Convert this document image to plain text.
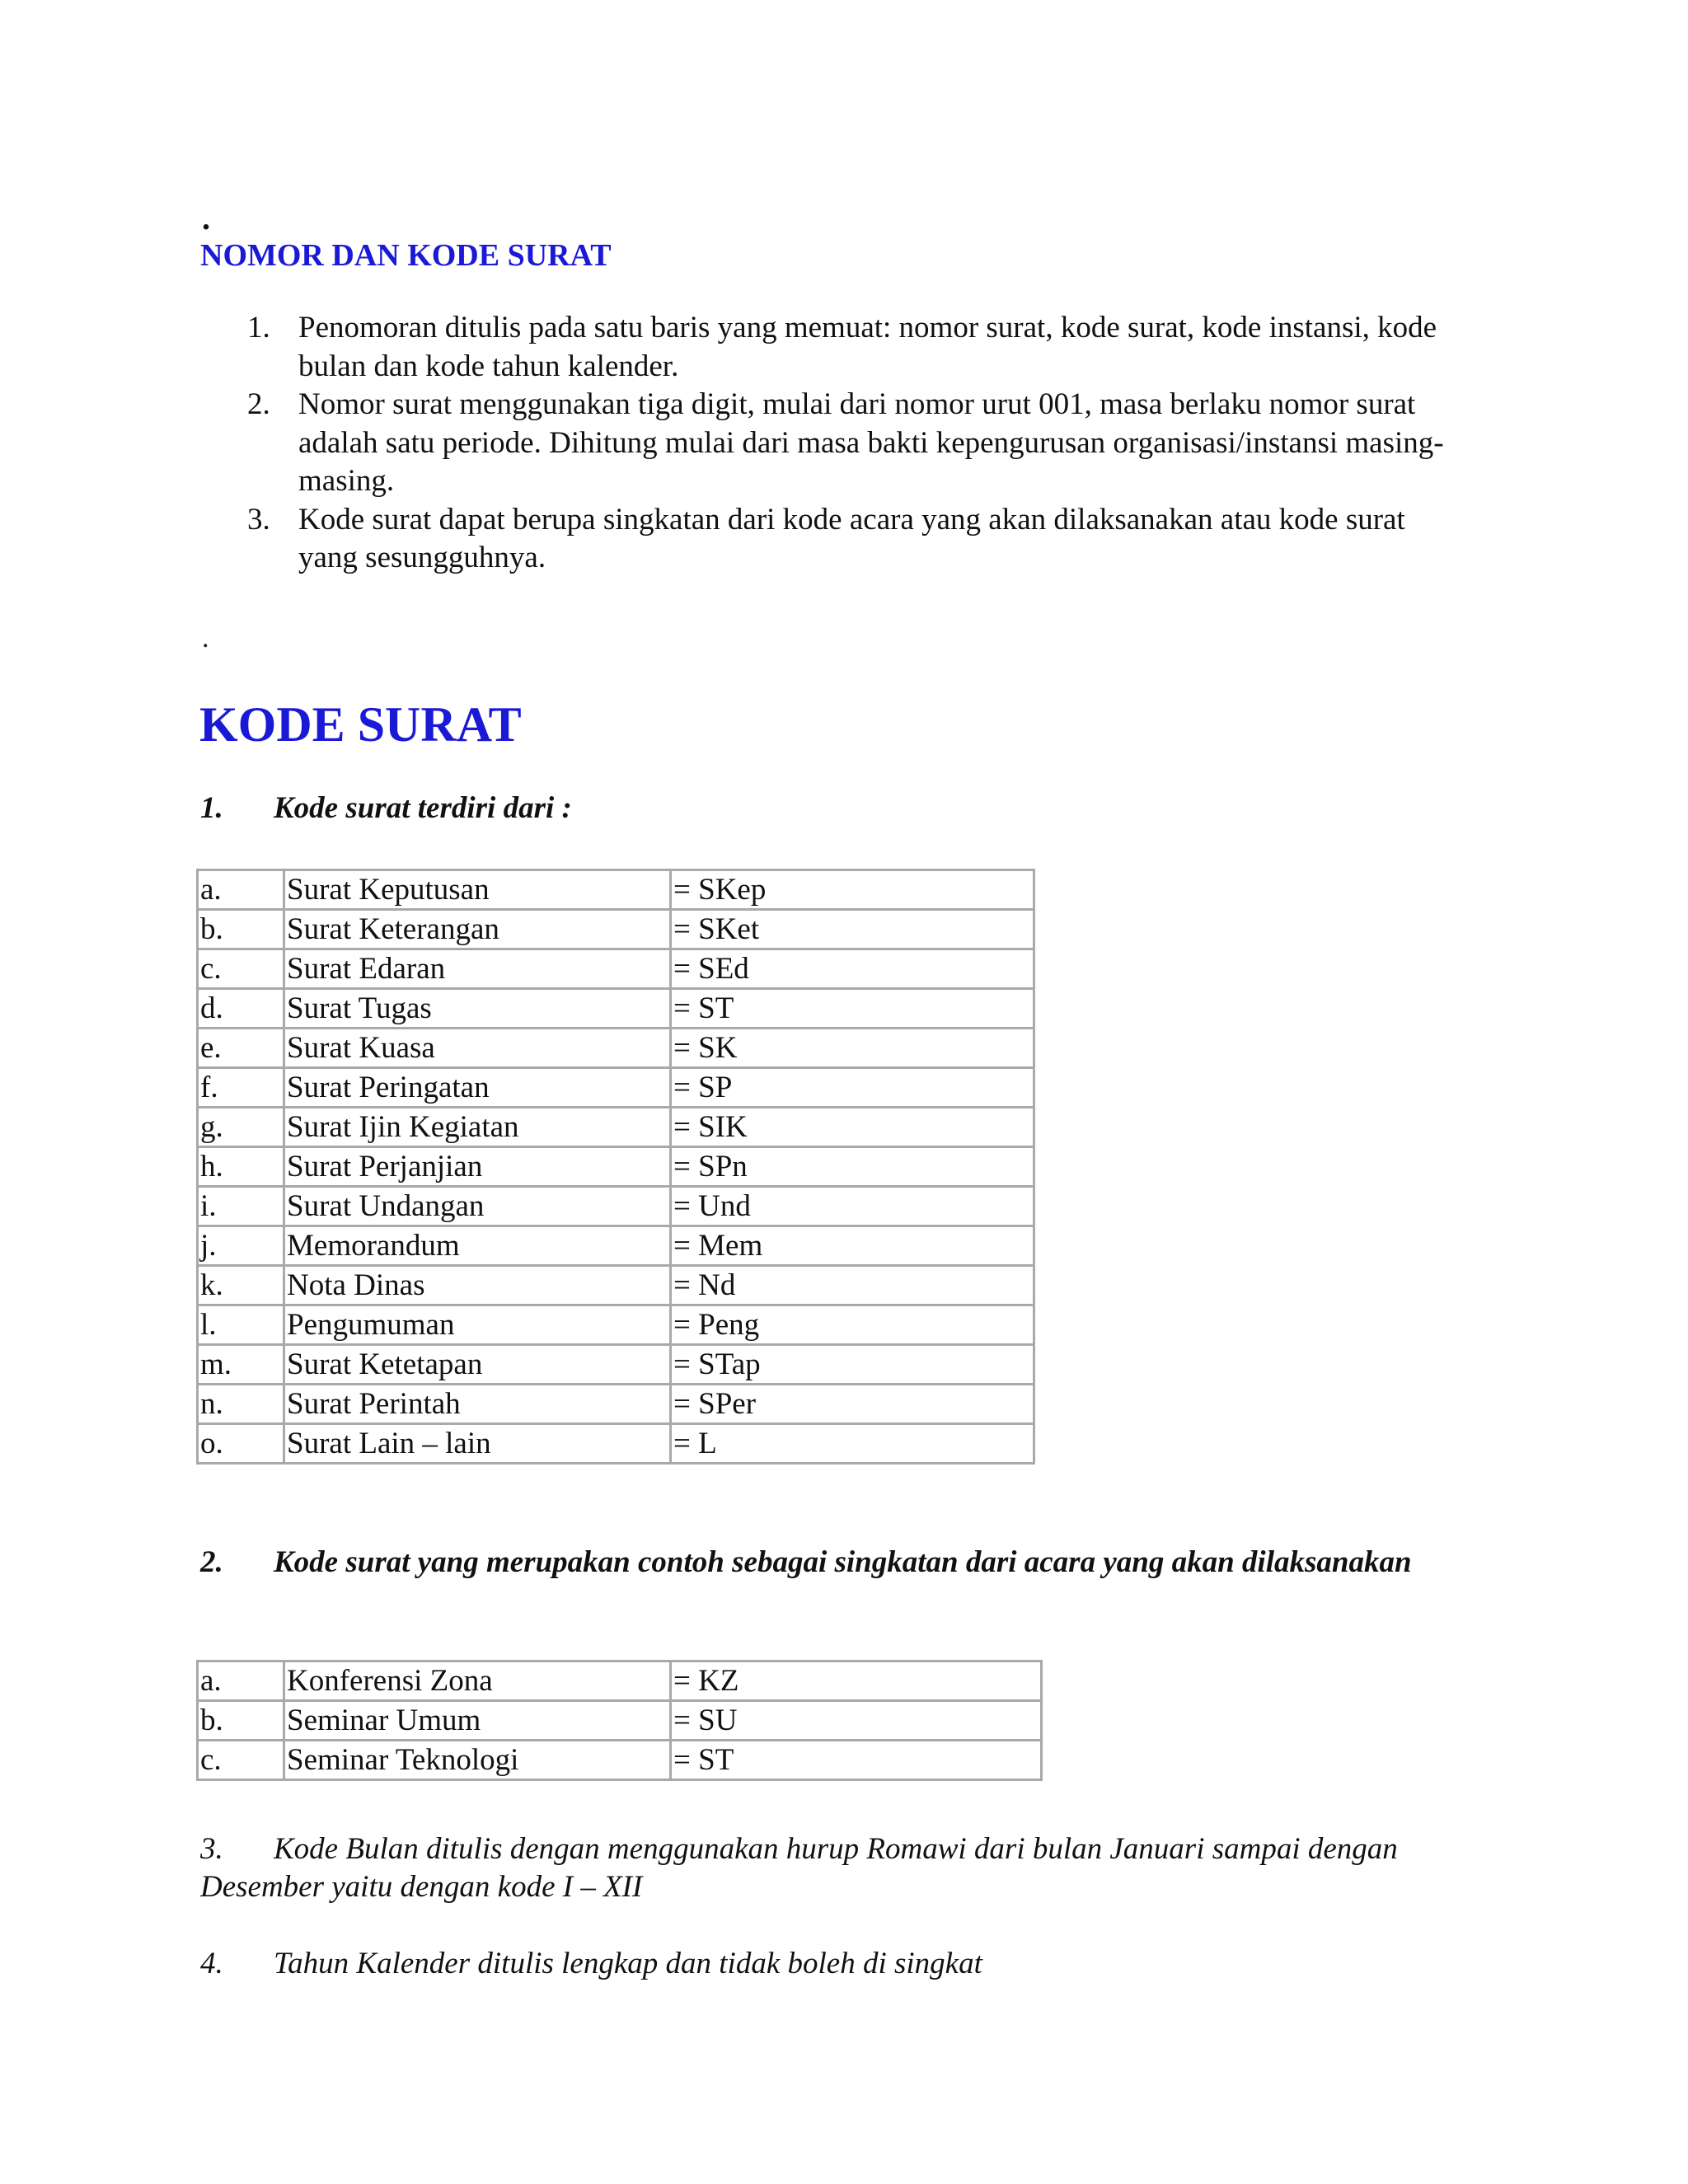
.
NOMOR DAN KODE SURAT
1. Penomoran ditulis pada satu baris yang memuat: nomor surat, kode surat, kode instansi, kode bulan dan kode tahun kalender.
2. Nomor surat menggunakan tiga digit, mulai dari nomor urut 001, masa berlaku nomor surat adalah satu periode. Dihitung mulai dari masa bakti kepengurusan organisasi/instansi masing-masing.
3. Kode surat dapat berupa singkatan dari kode acara yang akan dilaksanakan atau kode surat yang sesungguhnya.
.
KODE SURAT
1. Kode surat terdiri dari :
a.	Surat Keputusan	= SKep
b.	Surat Keterangan	= SKet
c.	Surat Edaran	= SEd
d.	Surat Tugas	= ST
e.	Surat Kuasa	= SK
f.	Surat Peringatan	= SP
g.	Surat Ijin Kegiatan	= SIK
h.	Surat Perjanjian	= SPn
i.	Surat Undangan	= Und
j.	Memorandum	= Mem
k.	Nota Dinas	= Nd
l.	Pengumuman	= Peng
m.	Surat Ketetapan	= STap
n.	Surat Perintah	= SPer
o.	Surat Lain – lain	= L
2. Kode surat yang merupakan contoh sebagai singkatan dari acara yang akan dilaksanakan
a.	Konferensi Zona	= KZ
b.	Seminar Umum	= SU
c.	Seminar Teknologi	= ST
3. Kode Bulan ditulis dengan menggunakan hurup Romawi dari bulan Januari sampai dengan Desember yaitu dengan kode I – XII
4. Tahun Kalender ditulis lengkap dan tidak boleh di singkat
